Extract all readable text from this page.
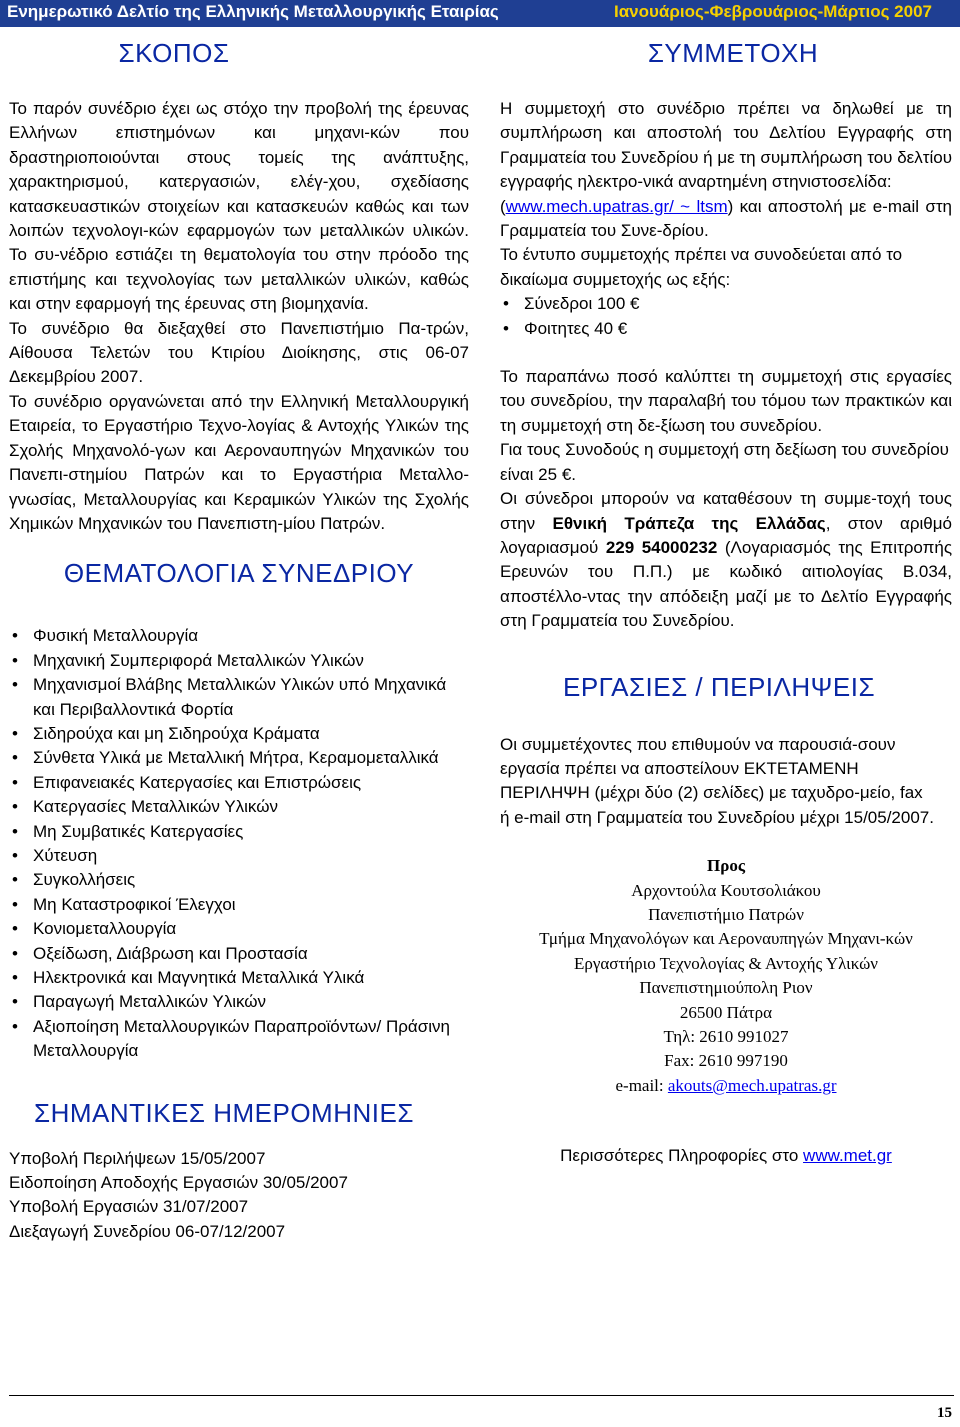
Ενημερωτικό Δελτίο της Ελληνικής Μεταλλουργικής Εταιρίας	Ιανουάριος-Φεβρουάριος-Μάρτιος 2007
ΣΚΟΠΟΣ

Το παρόν συνέδριο έχει ως στόχο την προβολή της έρευνας Ελλήνων επιστημόνων και μηχανι-κών που δραστηριοποιούνται στους τομείς της ανάπτυξης, χαρακτηρισμού, κατεργασιών, ελέγ-χου, σχεδίασης κατασκευαστικών στοιχείων και κατασκευών καθώς και των λοιπών τεχνολογι-κών εφαρμογών των μεταλλικών υλικών. Το συ-νέδριο εστιάζει τη θεματολογία του στην πρόοδο της επιστήμης και τεχνολογίας των μεταλλικών υλικών, καθώς και στην εφαρμογή της έρευνας στη βιομηχανία.

Το συνέδριο θα διεξαχθεί στο Πανεπιστήμιο Πα-τρών, Αίθουσα Τελετών του Κτιρίου Διοίκησης, στις 06-07 Δεκεμβρίου 2007.

Το συνέδριο οργανώνεται από την Ελληνική Μεταλλουργική Εταιρεία, το Εργαστήριο Τεχνο-λογίας & Αντοχής Υλικών της Σχολής Μηχανολό-γων και Αεροναυπηγών Μηχανικών του Πανεπι-στημίου Πατρών και το Εργαστήρια Μεταλλο-γνωσίας, Μεταλλουργίας και Κεραμικών Υλικών της Σχολής Χημικών Μηχανικών του Πανεπιστη-μίου Πατρών.

ΘΕΜΑΤΟΛΟΓΙΑ ΣΥΝΕΔΡΙΟΥ
• Φυσική Μεταλλουργία
• Μηχανική Συμπεριφορά Μεταλλικών Υλικών
• Μηχανισμοί Βλάβης Μεταλλικών Υλικών υπό Μηχανικά και Περιβαλλοντικά Φορτία
• Σιδηρούχα και μη Σιδηρούχα Κράματα
• Σύνθετα Υλικά με Μεταλλική Μήτρα, Κεραμομεταλλικά
• Επιφανειακές Κατεργασίες και Επιστρώσεις
• Κατεργασίες Μεταλλικών Υλικών
• Μη Συμβατικές Κατεργασίες
• Χύτευση
• Συγκολλήσεις
• Μη Καταστροφικοί Έλεγχοι
• Κονιομεταλλουργία
• Οξείδωση, Διάβρωση και Προστασία
• Ηλεκτρονικά και Μαγνητικά Μεταλλικά Υλικά
• Παραγωγή Μεταλλικών Υλικών
• Αξιοποίηση Μεταλλουργικών Παραπροϊόντων/ Πράσινη Μεταλλουργία
ΣΗΜΑΝΤΙΚΕΣ ΗΜΕΡΟΜΗΝΙΕΣ

Υποβολή Περιλήψεων 15/05/2007

Ειδοποίηση Αποδοχής Εργασιών 30/05/2007

Υποβολή Εργασιών 31/07/2007

Διεξαγωγή Συνεδρίου 06-07/12/2007

ΣΥΜΜΕΤΟΧΗ

Η συμμετοχή στο συνέδριο πρέπει να δηλωθεί με τη συμπλήρωση και αποστολή του Δελτίου Εγγραφής στη Γραμματεία του Συνεδρίου ή με τη συμπλήρωση του δελτίου εγγραφής ηλεκτρο-νικά αναρτημένη στηνιστοσελίδα:
(www.mech.upatras.gr/ ~ ltsm) και αποστολή με e-mail στη Γραμματεία του Συνε-δρίου.

Το έντυπο συμμετοχής πρέπει να συνοδεύεται από το δικαίωμα συμμετοχής ως εξής:

• Σύνεδροι 100 €
• Φοιτητες 40 €

Το παραπάνω ποσό καλύπτει τη συμμετοχή στις εργασίες του συνεδρίου, την παραλαβή του τόμου των πρακτικών και τη συμμετοχή στη δε-ξίωση του συνεδρίου.

Για τους Συνοδούς η συμμετοχή στη δεξίωση του συνεδρίου είναι 25 €.

Οι σύνεδροι μπορούν να καταθέσουν τη συμμε-τοχή τους στην Εθνική Τράπεζα της Ελλάδας, στον αριθμό λογαριασμού 229 54000232 (Λογαριασμός της Επιτροπής Ερευνών του Π.Π.) με κωδικό αιτιολογίας Β.034, αποστέλλο-ντας την απόδειξη μαζί με το Δελτίο Εγγραφής στη Γραμματεία του Συνεδρίου.

ΕΡΓΑΣΙΕΣ / ΠΕΡΙΛΗΨΕΙΣ

Οι συμμετέχοντες που επιθυμούν να παρουσιά-σουν

εργασία πρέπει να αποστείλουν ΕΚΤΕΤΑΜΕΝΗ ΠΕΡΙΛΗΨΗ (μέχρι δύο (2) σελίδες) με ταχυδρο-μείο, fax

ή e-mail στη Γραμματεία του Συνεδρίου μέχρι 15/05/2007.

Προς
Αρχοντούλα Κουτσολιάκου
Πανεπιστήμιο Πατρών
Τμήμα Μηχανολόγων και Αεροναυπηγών Μηχανι-κών
Εργαστήριο Τεχνολογίας & Αντοχής Υλικών
Πανεπιστημιούπολη Ριον
26500 Πάτρα
Τηλ: 2610 991027
Fax: 2610 997190
e-mail: akouts@mech.upatras.gr

Περισσότερες Πληροφορίες στο www.met.gr

15
